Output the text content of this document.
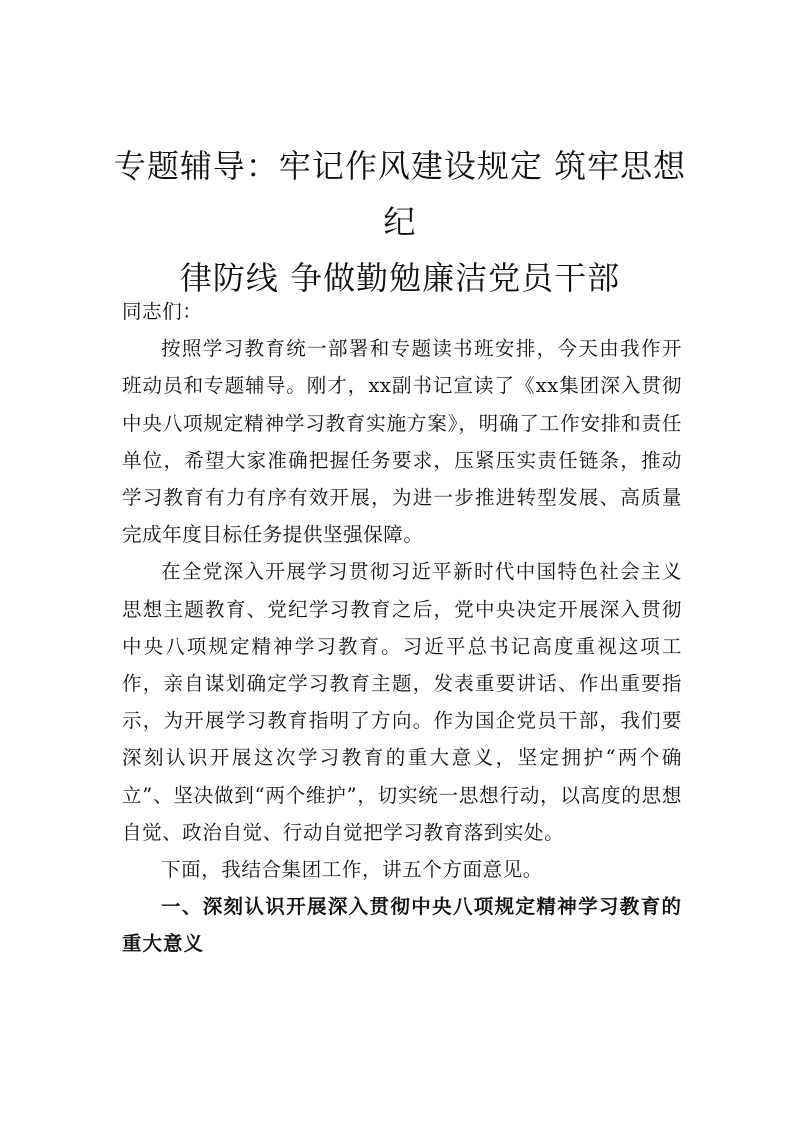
专题辅导：牢记作风建设规定 筑牢思想纪
律防线 争做勤勉廉洁党员干部

同志们：

按照学习教育统一部署和专题读书班安排，今天由我作开班动员和专题辅导。刚才，xx副书记宣读了《xx集团深入贯彻中央八项规定精神学习教育实施方案》，明确了工作安排和责任单位，希望大家准确把握任务要求，压紧压实责任链条，推动学习教育有力有序有效开展，为进一步推进转型发展、高质量完成年度目标任务提供坚强保障。

在全党深入开展学习贯彻习近平新时代中国特色社会主义思想主题教育、党纪学习教育之后，党中央决定开展深入贯彻中央八项规定精神学习教育。习近平总书记高度重视这项工作，亲自谋划确定学习教育主题，发表重要讲话、作出重要指示，为开展学习教育指明了方向。作为国企党员干部，我们要深刻认识开展这次学习教育的重大意义，坚定拥护“两个确立”、坚决做到“两个维护”，切实统一思想行动，以高度的思想自觉、政治自觉、行动自觉把学习教育落到实处。

下面，我结合集团工作，讲五个方面意见。

一、深刻认识开展深入贯彻中央八项规定精神学习教育的重大意义
